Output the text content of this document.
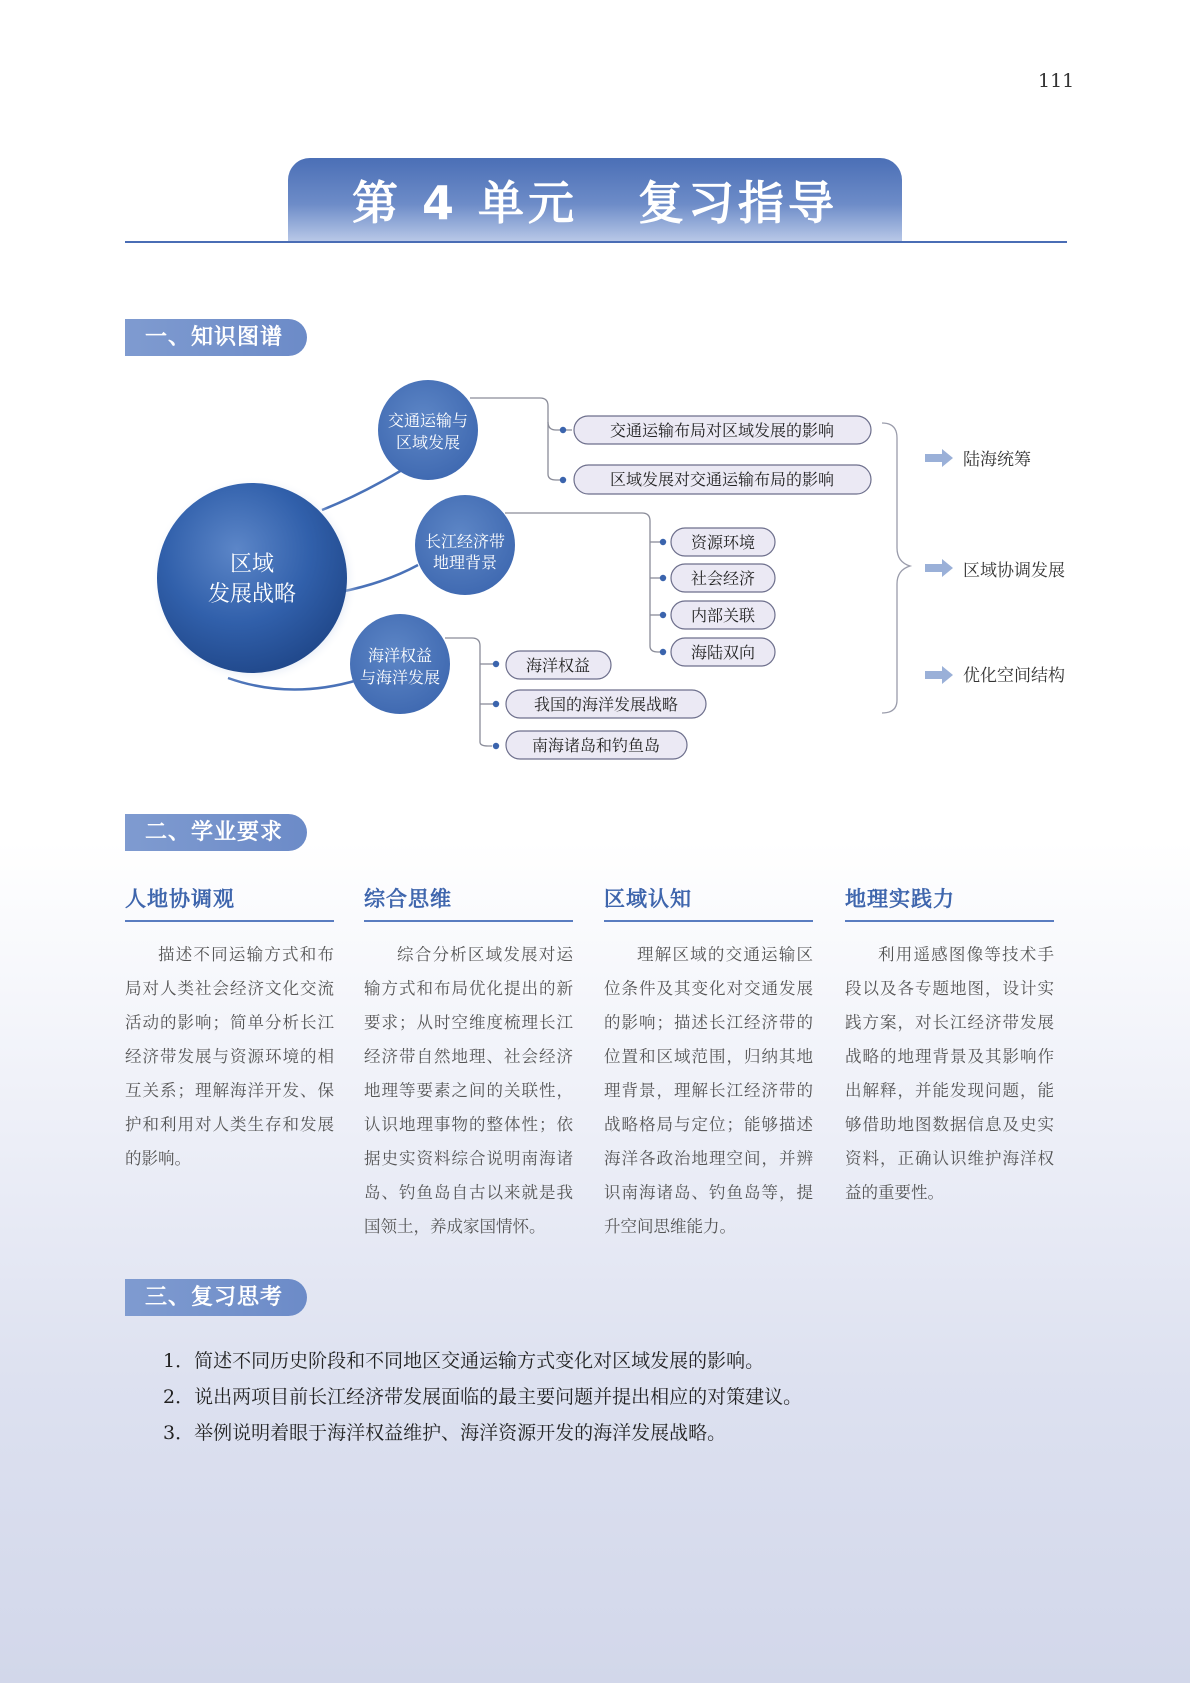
111
第 4 单元   复习指导
一、知识图谱
区域
发展战略
交通运输与
区域发展
长江经济带
地理背景
海洋权益
与海洋发展
交通运输布局对区域发展的影响
区域发展对交通运输布局的影响
资源环境
社会经济
内部关联
海陆双向
海洋权益
我国的海洋发展战略
南海诸岛和钓鱼岛
陆海统筹
区域协调发展
优化空间结构
二、学业要求
人地协调观
描述不同运输方式和布局对人类社会经济文化交流活动的影响；简单分析长江经济带发展与资源环境的相互关系；理解海洋开发、保护和利用对人类生存和发展的影响。
综合思维
综合分析区域发展对运输方式和布局优化提出的新要求；从时空维度梳理长江经济带自然地理、社会经济地理等要素之间的关联性，认识地理事物的整体性；依据史实资料综合说明南海诸岛、钓鱼岛自古以来就是我国领土，养成家国情怀。
区域认知
理解区域的交通运输区位条件及其变化对交通发展的影响；描述长江经济带的位置和区域范围，归纳其地理背景，理解长江经济带的战略格局与定位；能够描述海洋各政治地理空间，并辨识南海诸岛、钓鱼岛等，提升空间思维能力。
地理实践力
利用遥感图像等技术手段以及各专题地图，设计实践方案，对长江经济带发展战略的地理背景及其影响作出解释，并能发现问题，能够借助地图数据信息及史实资料，正确认识维护海洋权益的重要性。
三、复习思考
1．简述不同历史阶段和不同地区交通运输方式变化对区域发展的影响。
2．说出两项目前长江经济带发展面临的最主要问题并提出相应的对策建议。
3．举例说明着眼于海洋权益维护、海洋资源开发的海洋发展战略。
